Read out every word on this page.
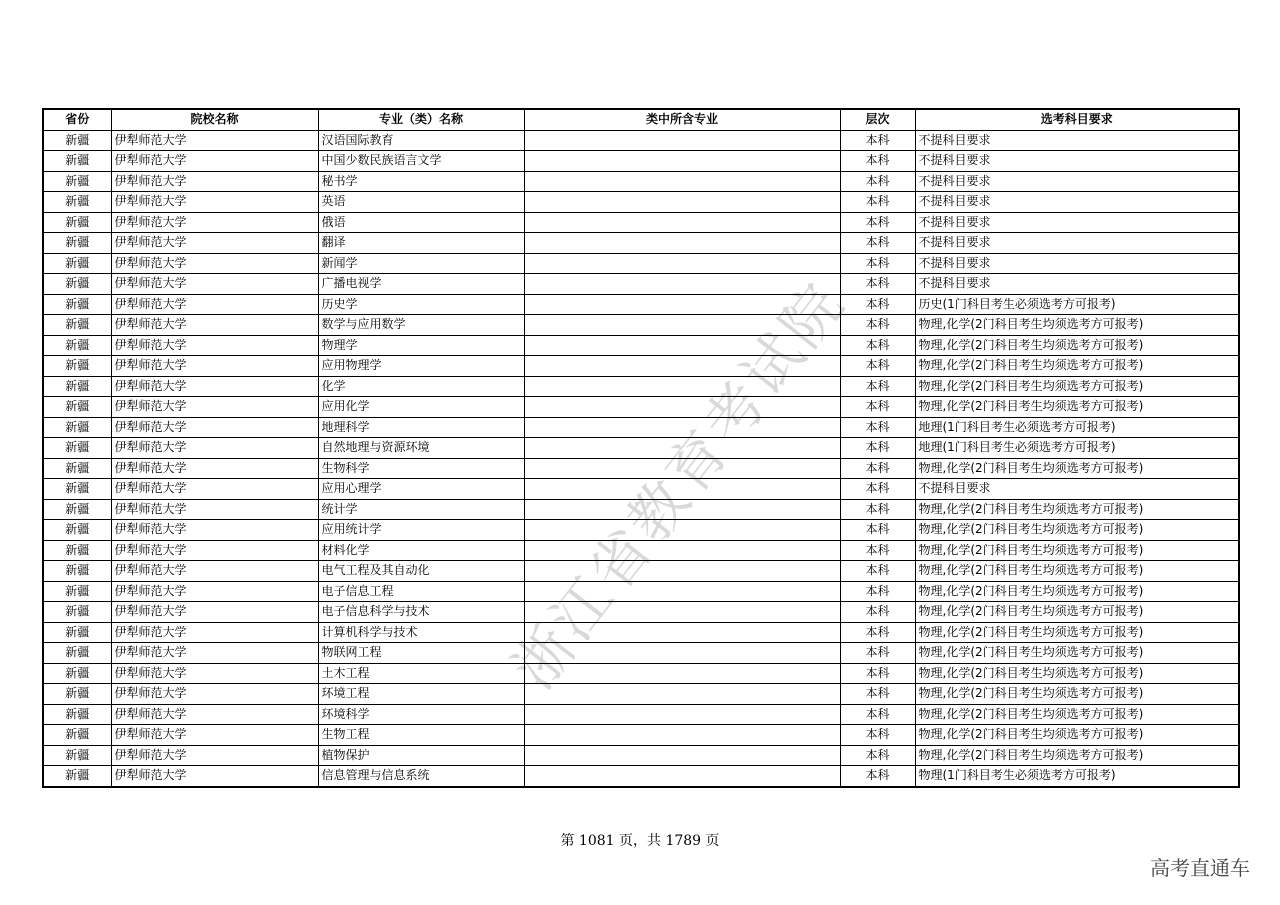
浙江省教育考试院
省份	院校名称	专业（类）名称	类中所含专业	层次	选考科目要求
新疆	伊犁师范大学	汉语国际教育		本科	不提科目要求
新疆	伊犁师范大学	中国少数民族语言文学		本科	不提科目要求
新疆	伊犁师范大学	秘书学		本科	不提科目要求
新疆	伊犁师范大学	英语		本科	不提科目要求
新疆	伊犁师范大学	俄语		本科	不提科目要求
新疆	伊犁师范大学	翻译		本科	不提科目要求
新疆	伊犁师范大学	新闻学		本科	不提科目要求
新疆	伊犁师范大学	广播电视学		本科	不提科目要求
新疆	伊犁师范大学	历史学		本科	历史(1门科目考生必须选考方可报考)
新疆	伊犁师范大学	数学与应用数学		本科	物理,化学(2门科目考生均须选考方可报考)
新疆	伊犁师范大学	物理学		本科	物理,化学(2门科目考生均须选考方可报考)
新疆	伊犁师范大学	应用物理学		本科	物理,化学(2门科目考生均须选考方可报考)
新疆	伊犁师范大学	化学		本科	物理,化学(2门科目考生均须选考方可报考)
新疆	伊犁师范大学	应用化学		本科	物理,化学(2门科目考生均须选考方可报考)
新疆	伊犁师范大学	地理科学		本科	地理(1门科目考生必须选考方可报考)
新疆	伊犁师范大学	自然地理与资源环境		本科	地理(1门科目考生必须选考方可报考)
新疆	伊犁师范大学	生物科学		本科	物理,化学(2门科目考生均须选考方可报考)
新疆	伊犁师范大学	应用心理学		本科	不提科目要求
新疆	伊犁师范大学	统计学		本科	物理,化学(2门科目考生均须选考方可报考)
新疆	伊犁师范大学	应用统计学		本科	物理,化学(2门科目考生均须选考方可报考)
新疆	伊犁师范大学	材料化学		本科	物理,化学(2门科目考生均须选考方可报考)
新疆	伊犁师范大学	电气工程及其自动化		本科	物理,化学(2门科目考生均须选考方可报考)
新疆	伊犁师范大学	电子信息工程		本科	物理,化学(2门科目考生均须选考方可报考)
新疆	伊犁师范大学	电子信息科学与技术		本科	物理,化学(2门科目考生均须选考方可报考)
新疆	伊犁师范大学	计算机科学与技术		本科	物理,化学(2门科目考生均须选考方可报考)
新疆	伊犁师范大学	物联网工程		本科	物理,化学(2门科目考生均须选考方可报考)
新疆	伊犁师范大学	土木工程		本科	物理,化学(2门科目考生均须选考方可报考)
新疆	伊犁师范大学	环境工程		本科	物理,化学(2门科目考生均须选考方可报考)
新疆	伊犁师范大学	环境科学		本科	物理,化学(2门科目考生均须选考方可报考)
新疆	伊犁师范大学	生物工程		本科	物理,化学(2门科目考生均须选考方可报考)
新疆	伊犁师范大学	植物保护		本科	物理,化学(2门科目考生均须选考方可报考)
新疆	伊犁师范大学	信息管理与信息系统		本科	物理(1门科目考生必须选考方可报考)
第 1081 页，共 1789 页
高考直通车
